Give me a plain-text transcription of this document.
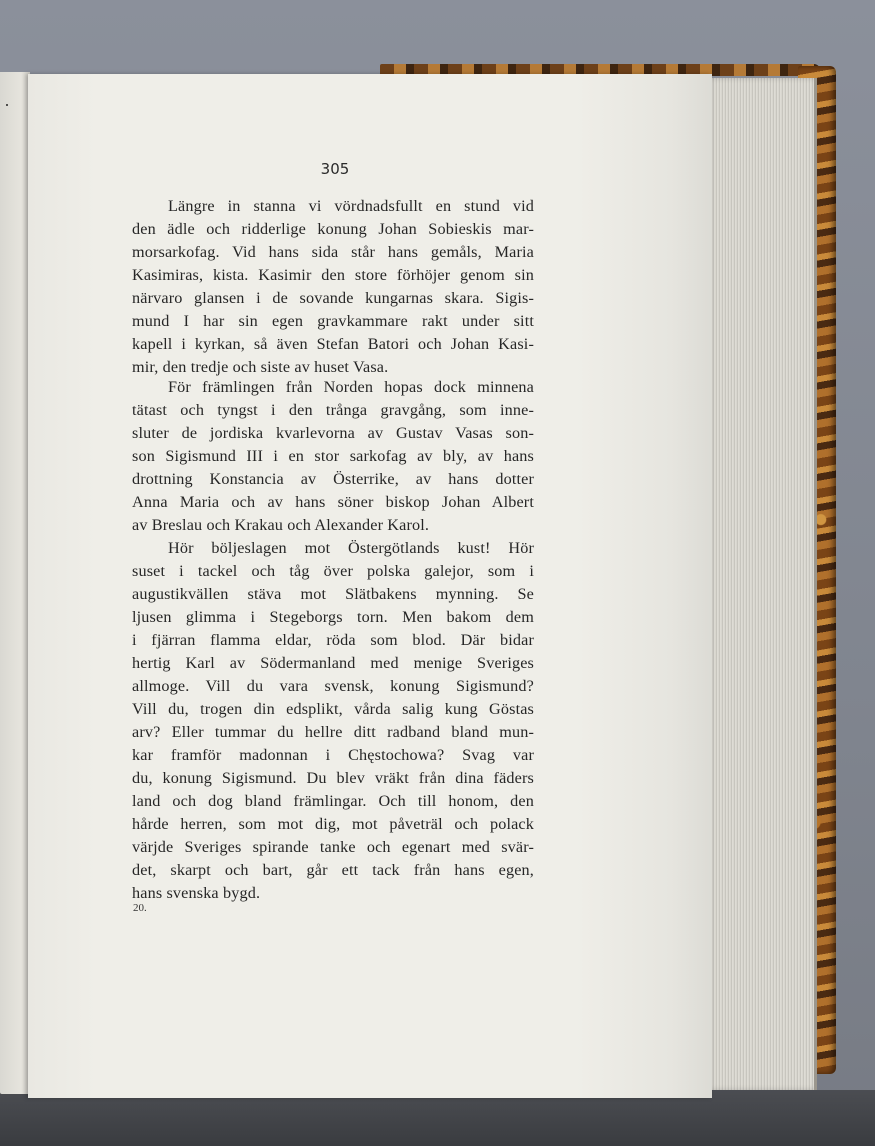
305

Längre in stanna vi vördnadsfullt en stund vid
den ädle och ridderlige konung Johan Sobieskis mar-
morsarkofag. Vid hans sida står hans gemåls, Maria
Kasimiras, kista. Kasimir den store förhöjer genom sin
närvaro glansen i de sovande kungarnas skara. Sigis-
mund I har sin egen gravkammare rakt under sitt
kapell i kyrkan, så även Stefan Batori och Johan Kasi-
mir, den tredje och siste av huset Vasa.

För främlingen från Norden hopas dock minnena
tätast och tyngst i den trånga gravgång, som inne-
sluter de jordiska kvarlevorna av Gustav Vasas son-
son Sigismund III i en stor sarkofag av bly, av hans
drottning Konstancia av Österrike, av hans dotter
Anna Maria och av hans söner biskop Johan Albert
av Breslau och Krakau och Alexander Karol.

Hör böljeslagen mot Östergötlands kust! Hör
suset i tackel och tåg över polska galejor, som i
augustikvällen stäva mot Slätbakens mynning. Se
ljusen glimma i Stegeborgs torn. Men bakom dem
i fjärran flamma eldar, röda som blod. Där bidar
hertig Karl av Södermanland med menige Sveriges
allmoge. Vill du vara svensk, konung Sigismund?
Vill du, trogen din edsplikt, vårda salig kung Göstas
arv? Eller tummar du hellre ditt radband bland mun-
kar framför madonnan i Chęstochowa? Svag var
du, konung Sigismund. Du blev vräkt från dina fäders
land och dog bland främlingar. Och till honom, den
hårde herren, som mot dig, mot påveträl och polack
värjde Sveriges spirande tanke och egenart med svär-
det, skarpt och bart, går ett tack från hans egen,
hans svenska bygd.

20.
